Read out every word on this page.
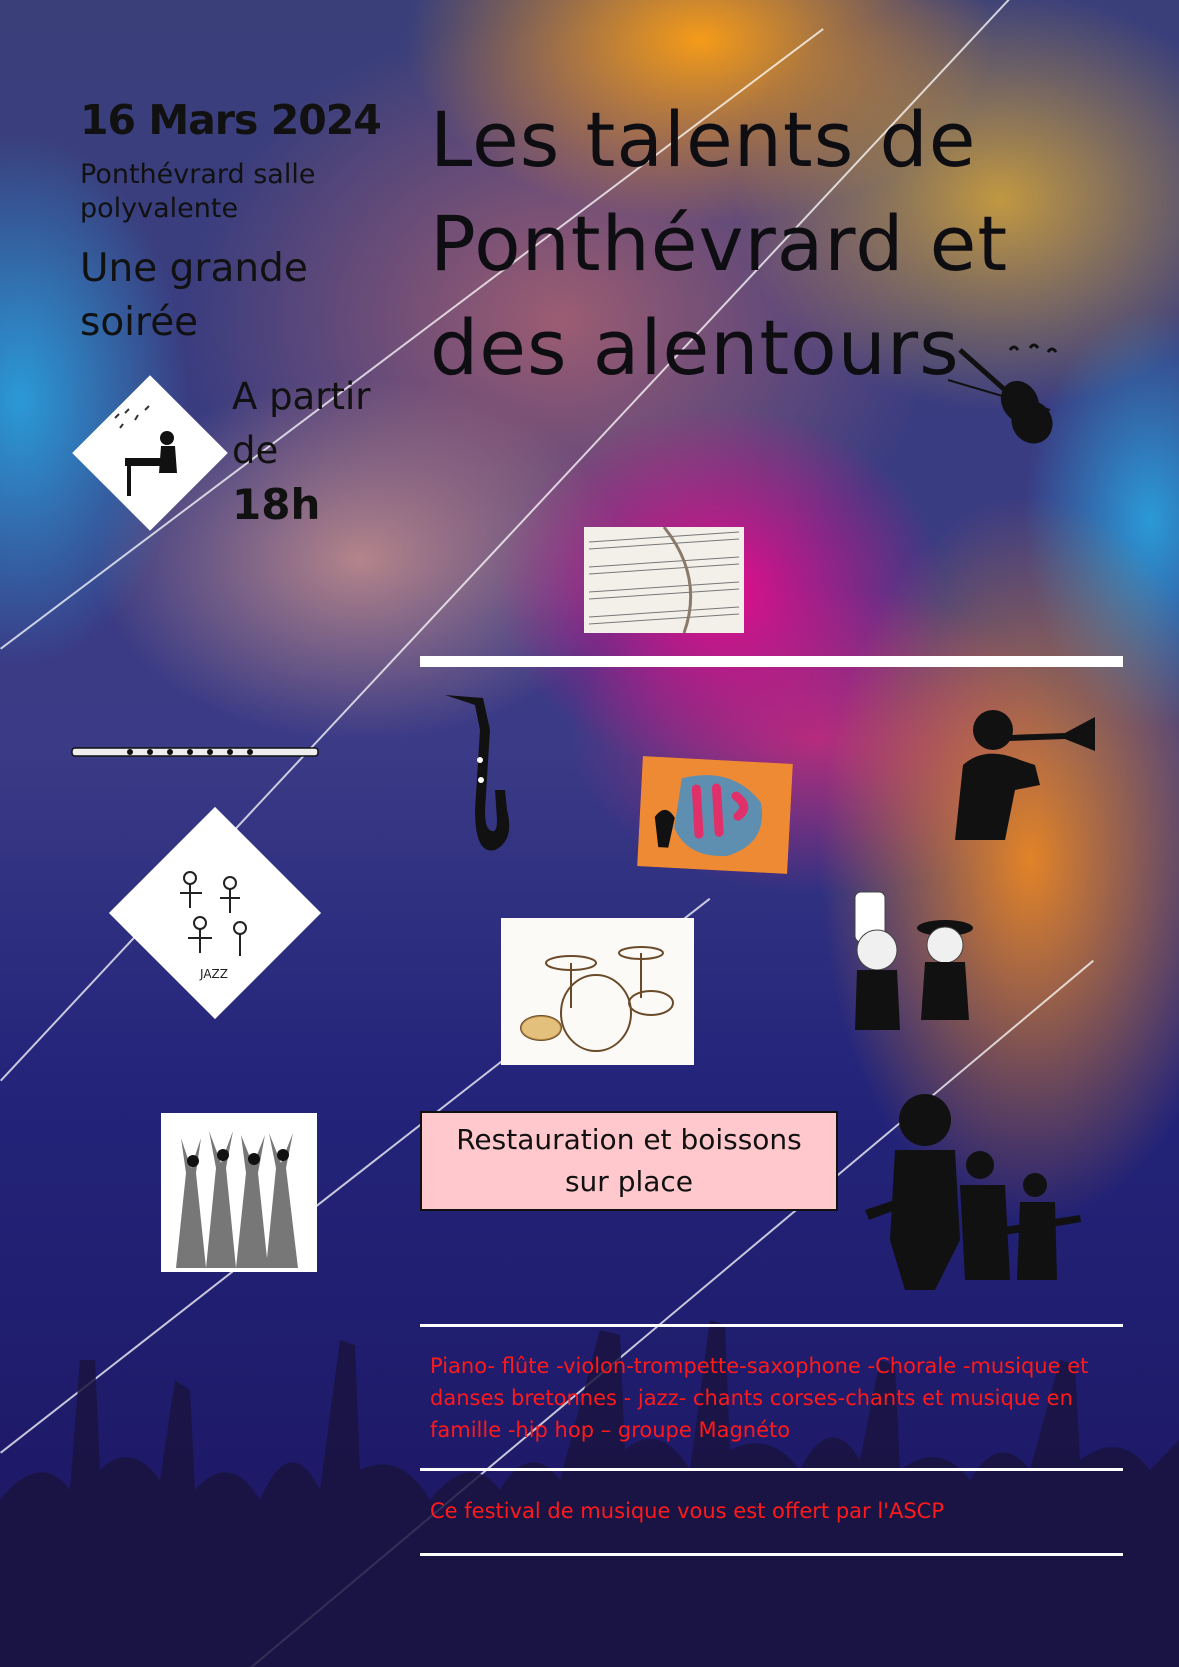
16 Mars 2024
Ponthévrard salle polyvalente
Une grande soirée
A partir de
18h
Les talents de Ponthévrard et des alentours
JAZZ
Restauration et boissons sur place
Piano- flûte -violon-trompette-saxophone -Chorale -musique et danses bretonnes - jazz- chants corses-chants et musique en famille -hip hop – groupe Magnéto
Ce festival de musique vous est offert par l'ASCP
